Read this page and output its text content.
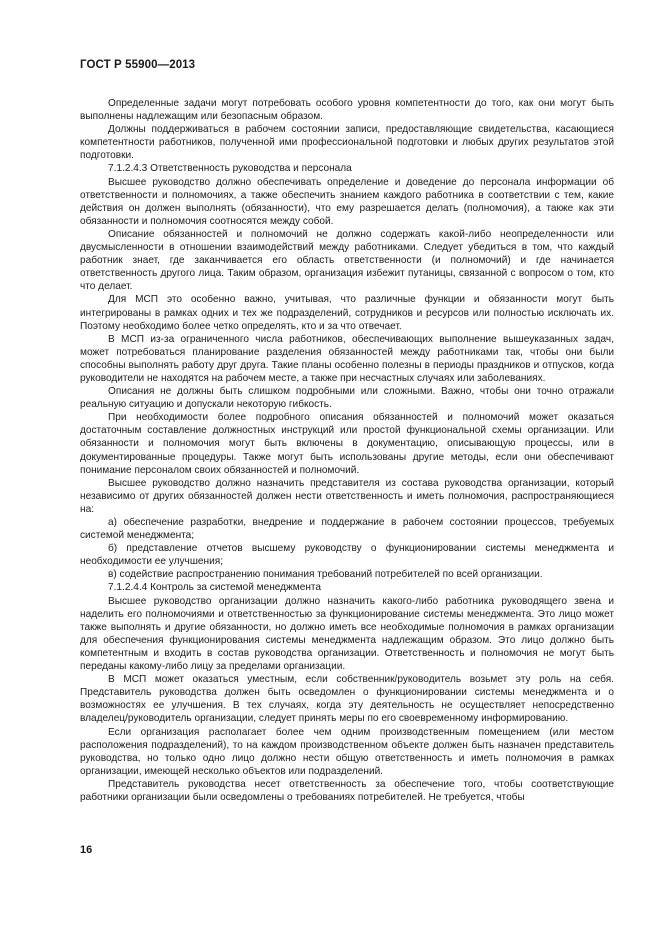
ГОСТ Р 55900—2013

Определенные задачи могут потребовать особого уровня компетентности до того, как они могут быть выполнены надлежащим или безопасным образом.

Должны поддерживаться в рабочем состоянии записи, предоставляющие свидетельства, касающиеся компетентности работников, полученной ими профессиональной подготовки и любых других результатов этой подготовки.

7.1.2.4.3 Ответственность руководства и персонала

Высшее руководство должно обеспечивать определение и доведение до персонала информации об ответственности и полномочиях, а также обеспечить знанием каждого работника в соответствии с тем, какие действия он должен выполнять (обязанности), что ему разрешается делать (полномочия), а также как эти обязанности и полномочия соотносятся между собой.

Описание обязанностей и полномочий не должно содержать какой-либо неопределенности или двусмысленности в отношении взаимодействий между работниками. Следует убедиться в том, что каждый работник знает, где заканчивается его область ответственности (и полномочий) и где начинается ответственность другого лица. Таким образом, организация избежит путаницы, связанной с вопросом о том, кто что делает.

Для МСП это особенно важно, учитывая, что различные функции и обязанности могут быть интегрированы в рамках одних и тех же подразделений, сотрудников и ресурсов или полностью исключать их. Поэтому необходимо более четко определять, кто и за что отвечает.

В МСП из-за ограниченного числа работников, обеспечивающих выполнение вышеуказанных задач, может потребоваться планирование разделения обязанностей между работниками так, чтобы они были способны выполнять работу друг друга. Такие планы особенно полезны в периоды праздников и отпусков, когда руководители не находятся на рабочем месте, а также при несчастных случаях или заболеваниях.

Описания не должны быть слишком подробными или сложными. Важно, чтобы они точно отражали реальную ситуацию и допускали некоторую гибкость.

При необходимости более подробного описания обязанностей и полномочий может оказаться достаточным составление должностных инструкций или простой функциональной схемы организации. Или обязанности и полномочия могут быть включены в документацию, описывающую процессы, или в документированные процедуры. Также могут быть использованы другие методы, если они обеспечивают понимание персоналом своих обязанностей и полномочий.

Высшее руководство должно назначить представителя из состава руководства организации, который независимо от других обязанностей должен нести ответственность и иметь полномочия, распространяющиеся на:

а) обеспечение разработки, внедрение и поддержание в рабочем состоянии процессов, требуемых системой менеджмента;

б) представление отчетов высшему руководству о функционировании системы менеджмента и необходимости ее улучшения;

в) содействие распространению понимания требований потребителей по всей организации.

7.1.2.4.4 Контроль за системой менеджмента

Высшее руководство организации должно назначить какого-либо работника руководящего звена и наделить его полномочиями и ответственностью за функционирование системы менеджмента. Это лицо может также выполнять и другие обязанности, но должно иметь все необходимые полномочия в рамках организации для обеспечения функционирования системы менеджмента надлежащим образом. Это лицо должно быть компетентным и входить в состав руководства организации. Ответственность и полномочия не могут быть переданы какому-либо лицу за пределами организации.

В МСП может оказаться уместным, если собственник/руководитель возьмет эту роль на себя. Представитель руководства должен быть осведомлен о функционировании системы менеджмента и о возможностях ее улучшения. В тех случаях, когда эту деятельность не осуществляет непосредственно владелец/руководитель организации, следует принять меры по его своевременному информированию.

Если организация располагает более чем одним производственным помещением (или местом расположения подразделений), то на каждом производственном объекте должен быть назначен представитель руководства, но только одно лицо должно нести общую ответственность и иметь полномочия в рамках организации, имеющей несколько объектов или подразделений.

Представитель руководства несет ответственность за обеспечение того, чтобы соответствующие работники организации были осведомлены о требованиях потребителей. Не требуется, чтобы

16
